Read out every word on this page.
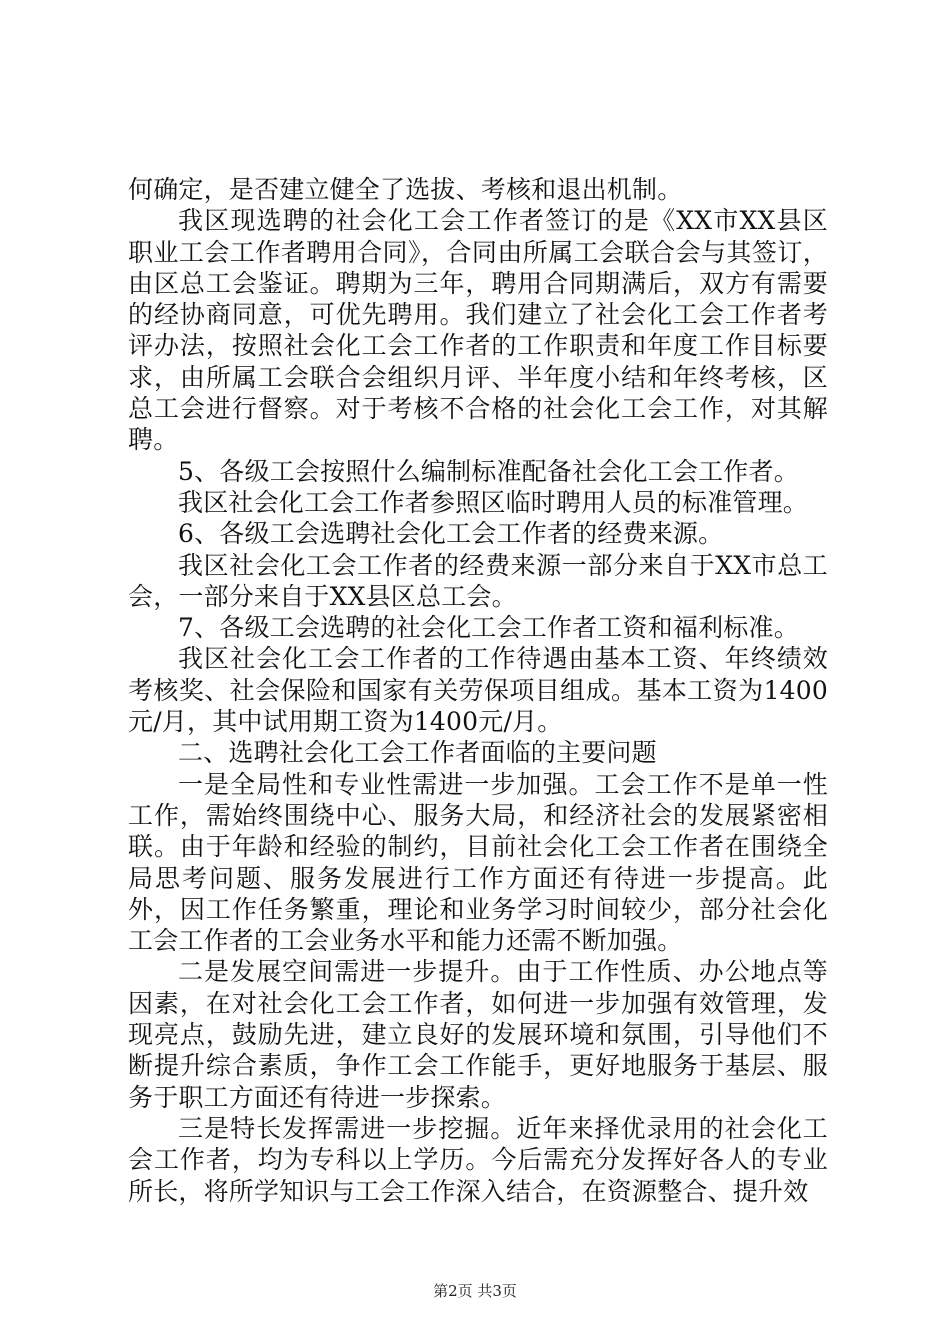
何确定，是否建立健全了选拔、考核和退出机制。

我区现选聘的社会化工会工作者签订的是《XX市XX县区职业工会工作者聘用合同》，合同由所属工会联合会与其签订，由区总工会鉴证。聘期为三年，聘用合同期满后，双方有需要的经协商同意，可优先聘用。我们建立了社会化工会工作者考评办法，按照社会化工会工作者的工作职责和年度工作目标要求，由所属工会联合会组织月评、半年度小结和年终考核，区总工会进行督察。对于考核不合格的社会化工会工作，对其解聘。

5、各级工会按照什么编制标准配备社会化工会工作者。

我区社会化工会工作者参照区临时聘用人员的标准管理。

6、各级工会选聘社会化工会工作者的经费来源。

我区社会化工会工作者的经费来源一部分来自于XX市总工会，一部分来自于XX县区总工会。

7、各级工会选聘的社会化工会工作者工资和福利标准。

我区社会化工会工作者的工作待遇由基本工资、年终绩效考核奖、社会保险和国家有关劳保项目组成。基本工资为1400元/月，其中试用期工资为1400元/月。

二、选聘社会化工会工作者面临的主要问题

一是全局性和专业性需进一步加强。工会工作不是单一性工作，需始终围绕中心、服务大局，和经济社会的发展紧密相联。由于年龄和经验的制约，目前社会化工会工作者在围绕全局思考问题、服务发展进行工作方面还有待进一步提高。此外，因工作任务繁重，理论和业务学习时间较少，部分社会化工会工作者的工会业务水平和能力还需不断加强。

二是发展空间需进一步提升。由于工作性质、办公地点等因素，在对社会化工会工作者，如何进一步加强有效管理，发现亮点，鼓励先进，建立良好的发展环境和氛围，引导他们不断提升综合素质，争作工会工作能手，更好地服务于基层、服务于职工方面还有待进一步探索。

三是特长发挥需进一步挖掘。近年来择优录用的社会化工会工作者，均为专科以上学历。今后需充分发挥好各人的专业所长，将所学知识与工会工作深入结合，在资源整合、提升效

第2页 共3页
